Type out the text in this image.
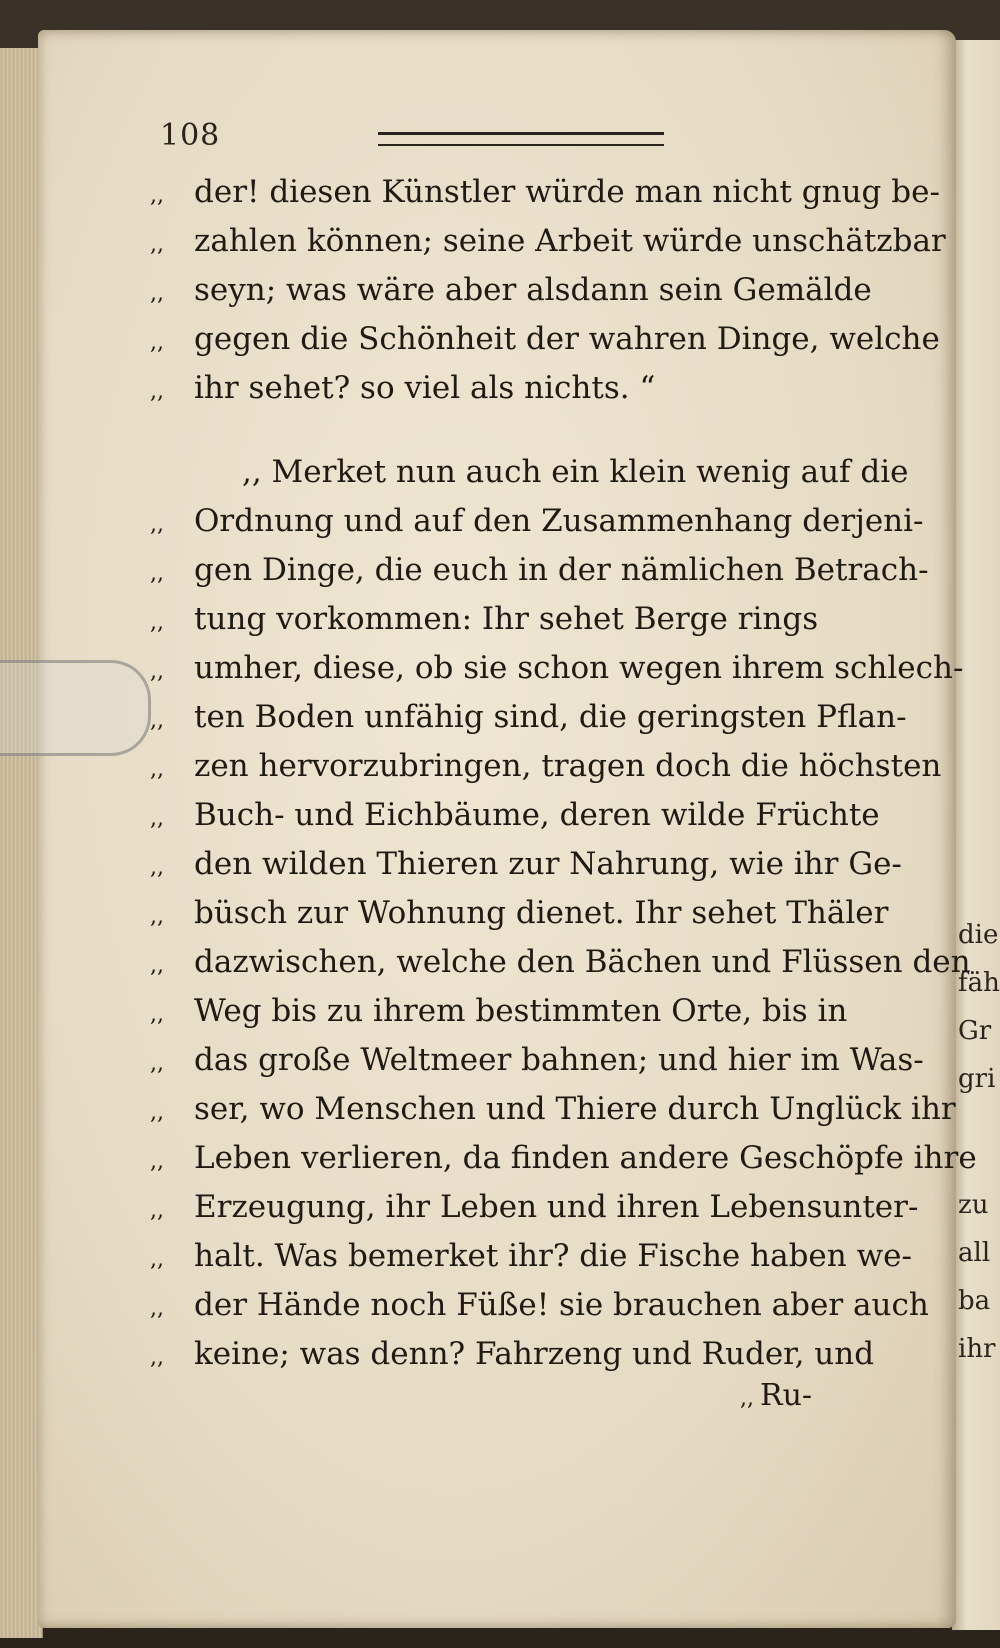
die
fäh
Gr
gri
zu
all
ba
ihr
108
,, der! diesen Künstler würde man nicht gnug be-
,, zahlen können; seine Arbeit würde unschätzbar
,, seyn; was wäre aber alsdann sein Gemälde
,, gegen die Schönheit der wahren Dinge, welche
,, ihr sehet? so viel als nichts. “
,, Merket nun auch ein klein wenig auf die
,, Ordnung und auf den Zusammenhang derjeni-
,, gen Dinge, die euch in der nämlichen Betrach-
,, tung vorkommen: Ihr sehet Berge rings
,, umher, diese, ob sie schon wegen ihrem schlech-
,, ten Boden unfähig sind, die geringsten Pflan-
,, zen hervorzubringen, tragen doch die höchsten
,, Buch- und Eichbäume, deren wilde Früchte
,, den wilden Thieren zur Nahrung, wie ihr Ge-
,, büsch zur Wohnung dienet. Ihr sehet Thäler
,, dazwischen, welche den Bächen und Flüssen den
,, Weg bis zu ihrem bestimmten Orte, bis in
,, das große Weltmeer bahnen; und hier im Was-
,, ser, wo Menschen und Thiere durch Unglück ihr
,, Leben verlieren, da finden andere Geschöpfe ihre
,, Erzeugung, ihr Leben und ihren Lebensunter-
,, halt. Was bemerket ihr? die Fische haben we-
,, der Hände noch Füße! sie brauchen aber auch
,, keine; was denn? Fahrzeng und Ruder, und
,, Ru-
